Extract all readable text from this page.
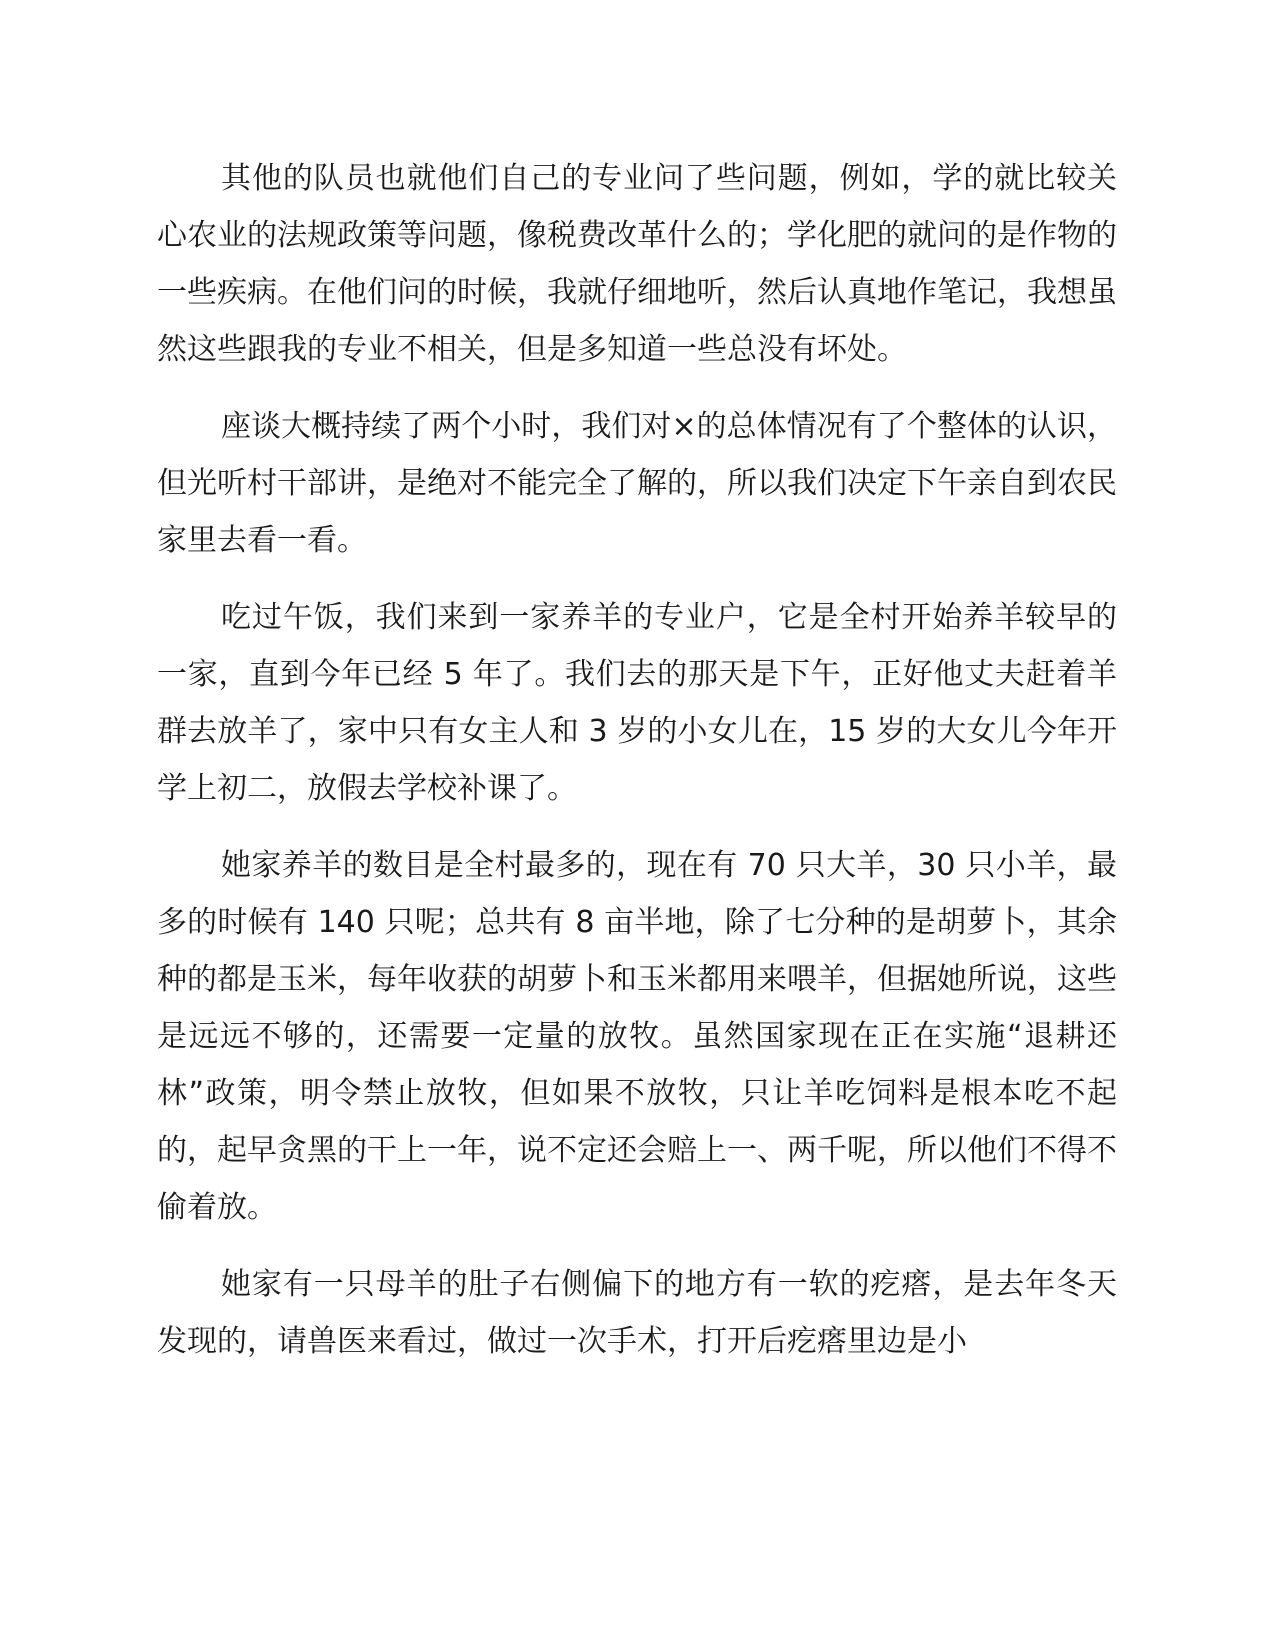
其他的队员也就他们自己的专业问了些问题，例如，学的就比较关心农业的法规政策等问题，像税费改革什么的；学化肥的就问的是作物的一些疾病。在他们问的时候，我就仔细地听，然后认真地作笔记，我想虽然这些跟我的专业不相关，但是多知道一些总没有坏处。

座谈大概持续了两个小时，我们对×的总体情况有了个整体的认识，但光听村干部讲，是绝对不能完全了解的，所以我们决定下午亲自到农民家里去看一看。

吃过午饭，我们来到一家养羊的专业户，它是全村开始养羊较早的一家，直到今年已经 5 年了。我们去的那天是下午，正好他丈夫赶着羊群去放羊了，家中只有女主人和 3 岁的小女儿在，15 岁的大女儿今年开学上初二，放假去学校补课了。

她家养羊的数目是全村最多的，现在有 70 只大羊，30 只小羊，最多的时候有 140 只呢；总共有 8 亩半地，除了七分种的是胡萝卜，其余种的都是玉米，每年收获的胡萝卜和玉米都用来喂羊，但据她所说，这些是远远不够的，还需要一定量的放牧。虽然国家现在正在实施“退耕还林”政策，明令禁止放牧，但如果不放牧，只让羊吃饲料是根本吃不起的，起早贪黑的干上一年，说不定还会赔上一、两千呢，所以他们不得不偷着放。

她家有一只母羊的肚子右侧偏下的地方有一软的疙瘩，是去年冬天发现的，请兽医来看过，做过一次手术，打开后疙瘩里边是小
